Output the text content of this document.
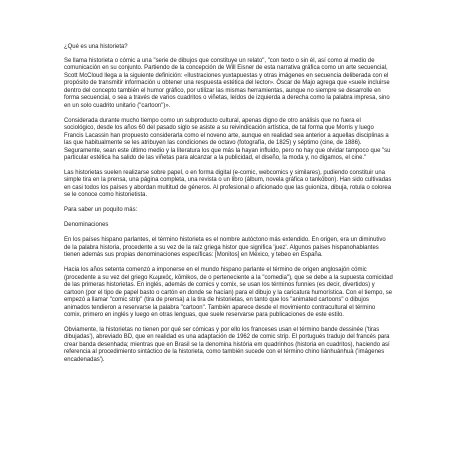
¿Qué es una historieta?

Se llama historieta o cómic a una "serie de dibujos que constituye un relato", "con texto o sin él, así como al medio de comunicación en su conjunto. Partiendo de la concepción de Will Eisner de esta narrativa gráfica como un arte secuencial, Scott McCloud llega a la siguiente definición: «Ilustraciones yuxtapuestas y otras imágenes en secuencia deliberada con el propósito de transmitir información u obtener una respuesta estética del lector». Óscar de Majo agrega que «suele incluirse dentro del concepto también el humor gráfico, por utilizar las mismas herramientas, aunque no siempre se desarrolle en forma secuencial, o sea a través de varios cuadritos o viñetas, leídos de izquierda a derecha como la palabra impresa, sino en un solo cuadrito unitario ("cartoon")».

Considerada durante mucho tiempo como un subproducto cultural, apenas digno de otro análisis que no fuera el sociológico, desde los años 60 del pasado siglo se asiste a su reivindicación artística, de tal forma que Morris y luego Francis Lacassin han propuesto considerarla como el noveno arte, aunque en realidad sea anterior a aquellas disciplinas a las que habitualmente se les atribuyen las condiciones de octavo (fotografía, de 1825) y séptimo (cine, de 1886). Seguramente, sean este último medio y la literatura los que más la hayan influido, pero no hay que olvidar tampoco que "su particular estética ha salido de las viñetas para alcanzar a la publicidad, el diseño, la moda y, no digamos, el cine."

Las historietas suelen realizarse sobre papel, o en forma digital (e-comic, webcomics y similares), pudiendo constituir una simple tira en la prensa, una página completa, una revista o un libro (álbum, novela gráfica o tankōbon). Han sido cultivadas en casi todos los países y abordan multitud de géneros. Al profesional o aficionado que las guioniza, dibuja, rotula o colorea se le conoce como historietista.

Para saber un poquito más:

Denominaciones

En los países hispano parlantes, el término historieta es el nombre autóctono más extendido. En origen, era un diminutivo de la palabra historia, procedente a su vez de la raíz griega histor que significa 'juez'. Algunos países hispanohablantes tienen además sus propias denominaciones específicas: [Monitos] en México, y tebeo en España.

Hacia los años setenta comenzó a imponerse en el mundo hispano parlante el término de origen anglosajón cómic (procedente a su vez del griego Κωμικός, kōmikos, de o perteneciente a la "comedia"), que se debe a la supuesta comicidad de las primeras historietas. En inglés, además de comics y comix, se usan los términos funnies (es decir, divertidos) y cartoon (por el tipo de papel basto o cartón en donde se hacían) para el dibujo y la caricatura humorística. Con el tiempo, se empezó a llamar "comic strip" (tira de prensa) a la tira de historietas, en tanto que los "animated cartoons" o dibujos animados tendieron a reservarse la palabra "cartoon". También aparece desde el movimiento contracultural el término comix, primero en inglés y luego en otras lenguas, que suele reservarse para publicaciones de este estilo.

Obviamente, la historietas no tienen por qué ser cómicas y por ello los franceses usan el término bande dessinée ('tiras dibujadas'), abreviado BD, que en realidad es una adaptación de 1962 de comic strip. El portugués tradujo del francés para crear banda desenhada; mientras que en Brasil se la denomina história em quadrinhos (historia en cuadritos), haciendo así referencia al procedimiento sintáctico de la historieta, como también sucede con el término chino liánhuánhuà ('imágenes encadenadas').
